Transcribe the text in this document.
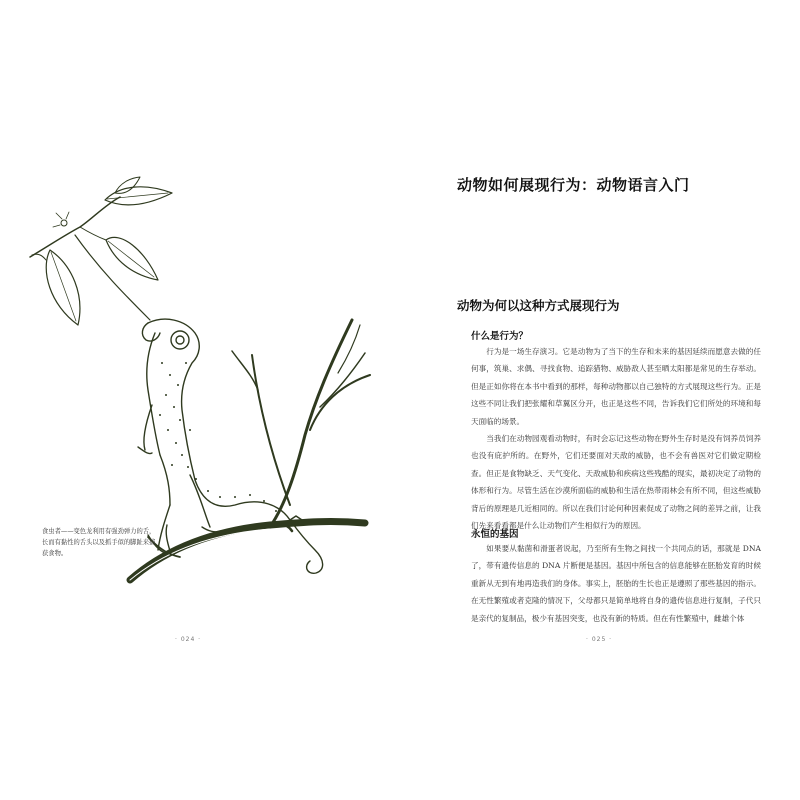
食虫者——变色龙利用有强劲弹力的舌，长而有黏性的舌头以及抓手似的脚趾来捕获食物。
· 024 ·
动物如何展现行为：动物语言入门
动物为何以这种方式展现行为
什么是行为？

行为是一场生存演习。它是动物为了当下的生存和未来的基因延续而愿意去做的任何事，筑巢、求偶、寻找食物、追踪猎物、威胁敌人甚至晒太阳都是常见的生存举动。但是正如你将在本书中看到的那样，每种动物都以自己独特的方式展现这些行为。正是这些不同让我们把张耀和草翼区分开，也正是这些不同，告诉我们它们所处的环境和每天面临的场景。

当我们在动物园观看动物时，有时会忘记这些动物在野外生存时是没有饲养员饲养也没有庇护所的。在野外，它们还要面对天敌的威胁，也不会有兽医对它们做定期检查。但正是食物缺乏、天气变化、天敌威胁和疾病这些残酷的现实，最初决定了动物的体形和行为。尽管生活在沙漠所面临的威胁和生活在热带雨林会有所不同，但这些威胁背后的原理是几近相同的。所以在我们讨论何种因素促成了动物之间的差异之前，让我们先来看看都是什么让动物们产生相似行为的原因。

永恒的基因

如果要从黏菌和滑蛋者说起，乃至所有生物之间找一个共同点的话，那就是 DNA 了，带有遗传信息的 DNA 片断便是基因。基因中所包含的信息能够在胚胎发育的时候重新从无到有地再造我们的身体。事实上，胚胎的生长也正是遵照了那些基因的指示。在无性繁殖或者克隆的情况下，父母都只是简单地将自身的遗传信息进行复制，子代只是亲代的复制品，极少有基因突变，也没有新的特质。但在有性繁殖中，雌雄个体

· 025 ·
